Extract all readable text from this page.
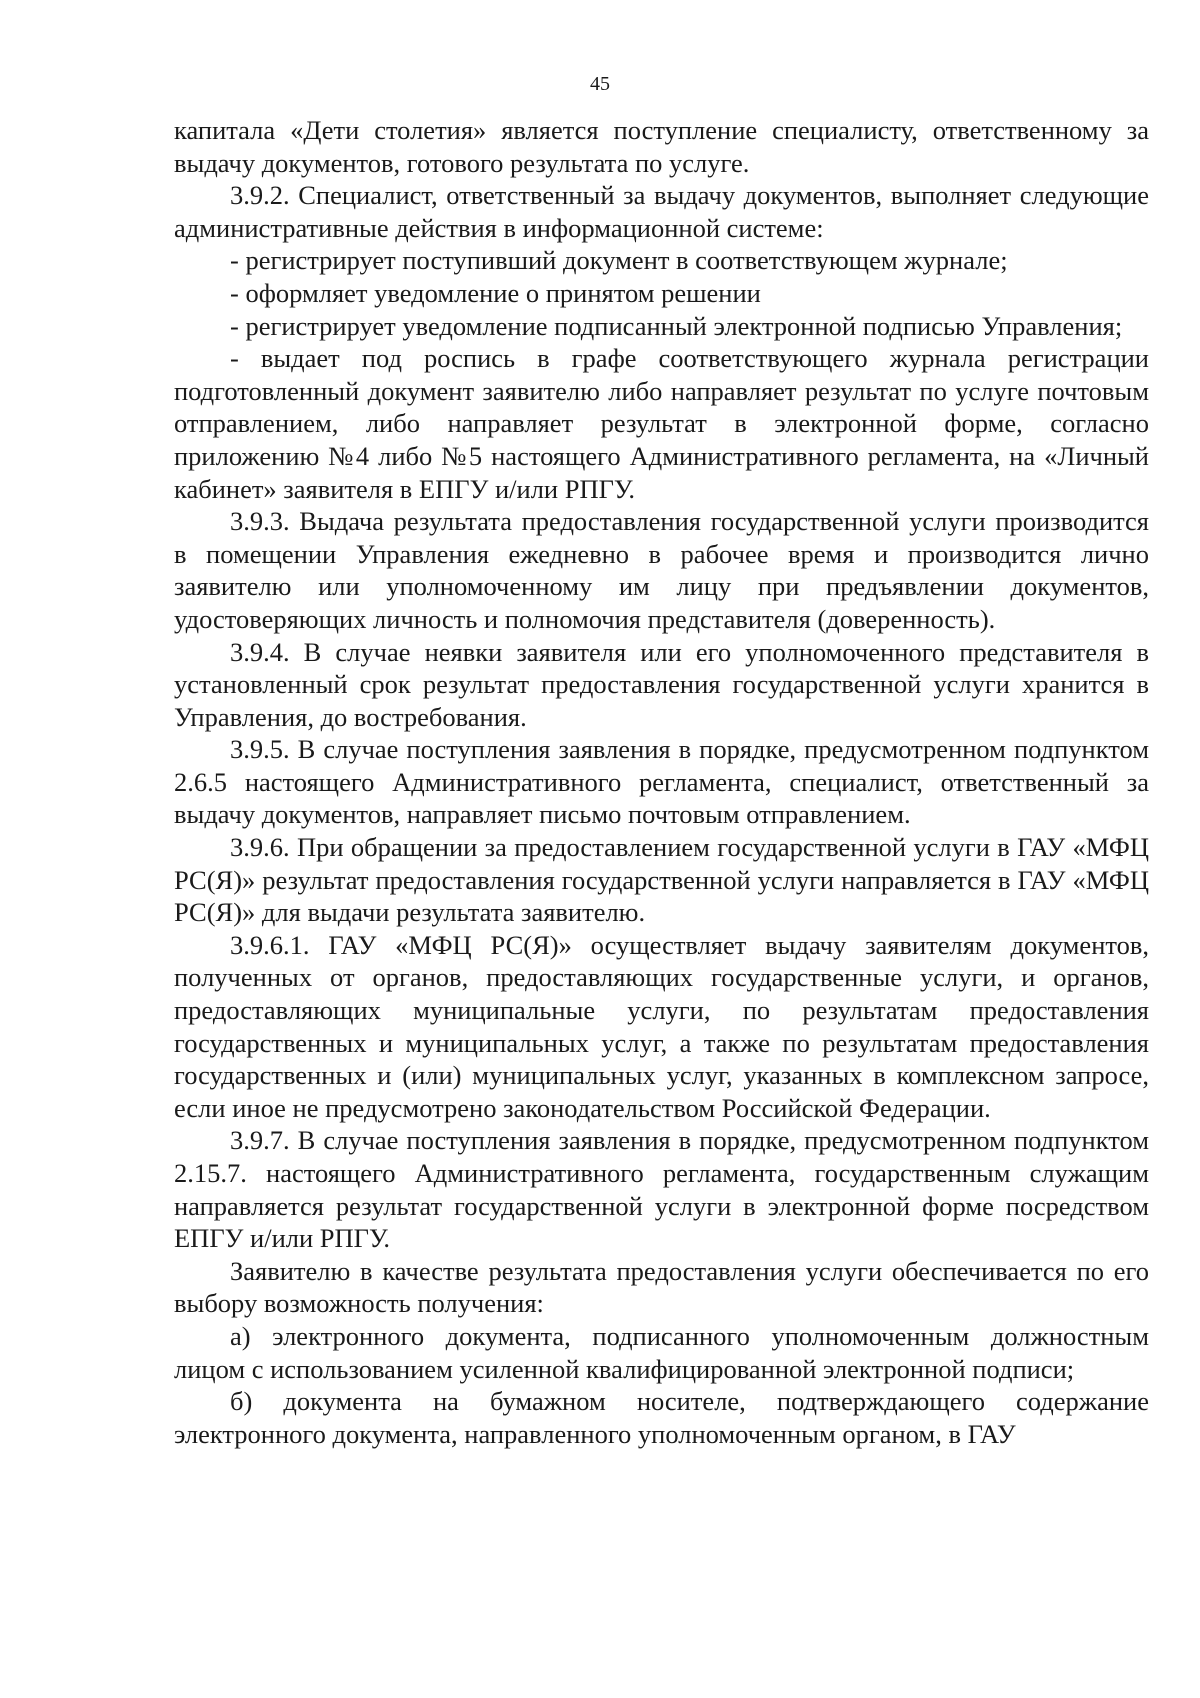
45

капитала «Дети столетия» является поступление специалисту, ответственному за выдачу документов, готового результата по услуге.

3.9.2. Специалист, ответственный за выдачу документов, выполняет следующие административные действия в информационной системе:

- регистрирует поступивший документ в соответствующем журнале;

- оформляет уведомление о принятом решении

- регистрирует уведомление подписанный электронной подписью Управления;

- выдает под роспись в графе соответствующего журнала регистрации подготовленный документ заявителю либо направляет результат по услуге почтовым отправлением, либо направляет результат в электронной форме, согласно приложению №4 либо №5 настоящего Административного регламента, на «Личный кабинет» заявителя в ЕПГУ и/или РПГУ.

3.9.3. Выдача результата предоставления государственной услуги производится в помещении Управления ежедневно в рабочее время и производится лично заявителю или уполномоченному им лицу при предъявлении документов, удостоверяющих личность и полномочия представителя (доверенность).

3.9.4. В случае неявки заявителя или его уполномоченного представителя в установленный срок результат предоставления государственной услуги хранится в Управления, до востребования.

3.9.5. В случае поступления заявления в порядке, предусмотренном подпунктом 2.6.5 настоящего Административного регламента, специалист, ответственный за выдачу документов, направляет письмо почтовым отправлением.

3.9.6. При обращении за предоставлением государственной услуги в ГАУ «МФЦ РС(Я)» результат предоставления государственной услуги направляется в ГАУ «МФЦ РС(Я)» для выдачи результата заявителю.

3.9.6.1. ГАУ «МФЦ РС(Я)» осуществляет выдачу заявителям документов, полученных от органов, предоставляющих государственные услуги, и органов, предоставляющих муниципальные услуги, по результатам предоставления государственных и муниципальных услуг, а также по результатам предоставления государственных и (или) муниципальных услуг, указанных в комплексном запросе, если иное не предусмотрено законодательством Российской Федерации.

3.9.7. В случае поступления заявления в порядке, предусмотренном подпунктом 2.15.7. настоящего Административного регламента, государственным служащим направляется результат государственной услуги в электронной форме посредством ЕПГУ и/или РПГУ.

Заявителю в качестве результата предоставления услуги обеспечивается по его выбору возможность получения:

а) электронного документа, подписанного уполномоченным должностным лицом с использованием усиленной квалифицированной электронной подписи;

б) документа на бумажном носителе, подтверждающего содержание электронного документа, направленного уполномоченным органом, в ГАУ
